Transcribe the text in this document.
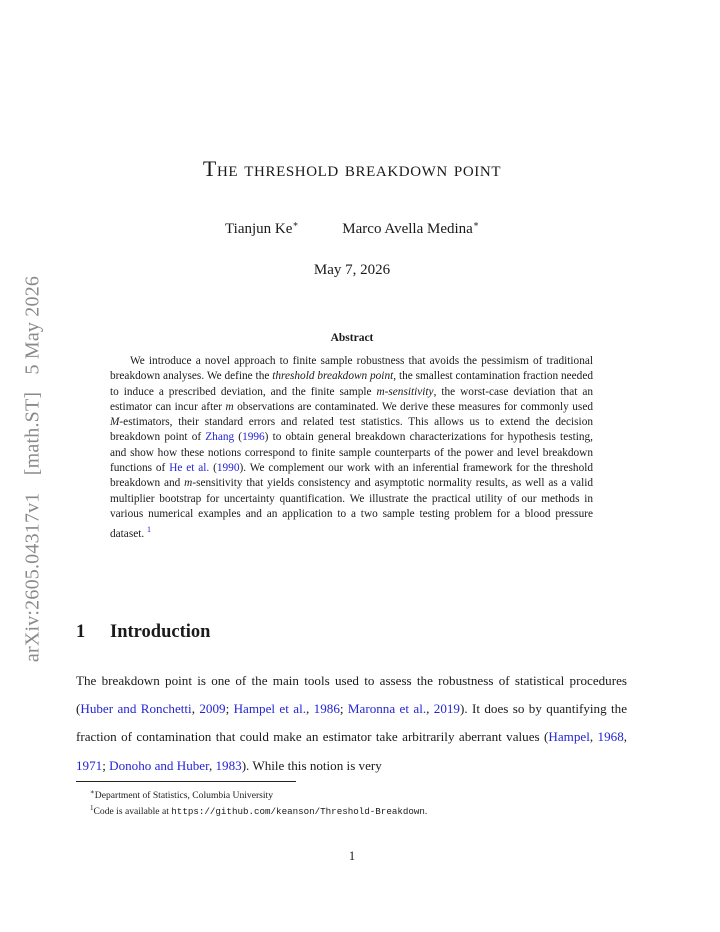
arXiv:2605.04317v1 [math.ST] 5 May 2026
The threshold breakdown point
Tianjun Ke∗	Marco Avella Medina∗
May 7, 2026
Abstract
We introduce a novel approach to finite sample robustness that avoids the pessimism of traditional breakdown analyses. We define the threshold breakdown point, the smallest contamination fraction needed to induce a prescribed deviation, and the finite sample m-sensitivity, the worst-case deviation that an estimator can incur after m observations are contaminated. We derive these measures for commonly used M-estimators, their standard errors and related test statistics. This allows us to extend the decision breakdown point of Zhang (1996) to obtain general breakdown characterizations for hypothesis testing, and show how these notions correspond to finite sample counterparts of the power and level breakdown functions of He et al. (1990). We complement our work with an inferential framework for the threshold breakdown and m-sensitivity that yields consistency and asymptotic normality results, as well as a valid multiplier bootstrap for uncertainty quantification. We illustrate the practical utility of our methods in various numerical examples and an application to a two sample testing problem for a blood pressure dataset. $^1$
1 Introduction
The breakdown point is one of the main tools used to assess the robustness of statistical procedures (Huber and Ronchetti, 2009; Hampel et al., 1986; Maronna et al., 2019). It does so by quantifying the fraction of contamination that could make an estimator take arbitrarily aberrant values (Hampel, 1968, 1971; Donoho and Huber, 1983). While this notion is very
∗Department of Statistics, Columbia University
$^1$Code is available at https://github.com/keanson/Threshold-Breakdown.
1
